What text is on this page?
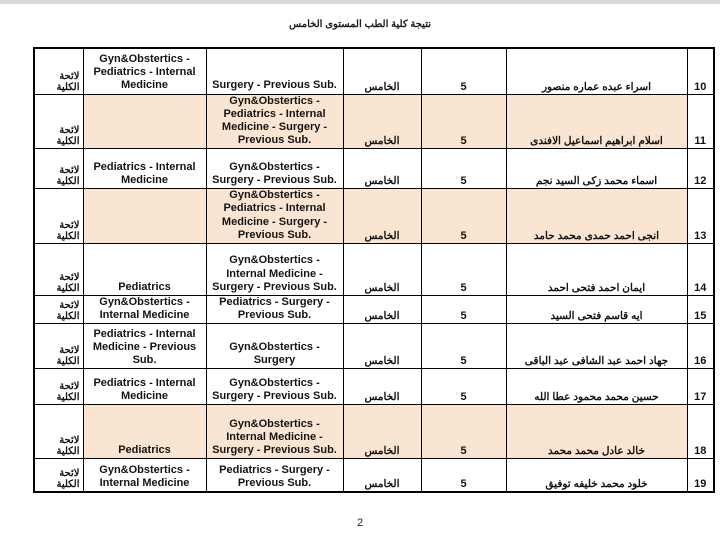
نتيجة كلية الطب المستوى الخامس
لائحة الكلية	Gyn&Obstertics - Pediatrics - Internal Medicine	Surgery - Previous Sub.	الخامس	5	اسراء عبده عماره منصور	10
لائحة الكلية		Gyn&Obstertics - Pediatrics - Internal Medicine - Surgery - Previous Sub.	الخامس	5	اسلام ابراهيم اسماعيل الافندى	11
لائحة الكلية	Pediatrics - Internal Medicine	Gyn&Obstertics - Surgery - Previous Sub.	الخامس	5	اسماء محمد زكى السيد نجم	12
لائحة الكلية		Gyn&Obstertics - Pediatrics - Internal Medicine - Surgery - Previous Sub.	الخامس	5	انجى احمد حمدى محمد حامد	13
لائحة الكلية	Pediatrics	Gyn&Obstertics - Internal Medicine - Surgery - Previous Sub.	الخامس	5	ايمان احمد فتحى احمد	14
لائحة الكلية	Gyn&Obstertics - Internal Medicine	Pediatrics - Surgery - Previous Sub.	الخامس	5	ايه قاسم فتحى السيد	15
لائحة الكلية	Pediatrics - Internal Medicine - Previous Sub.	Gyn&Obstertics - Surgery	الخامس	5	جهاد احمد عبد الشافى عبد الباقى	16
لائحة الكلية	Pediatrics - Internal Medicine	Gyn&Obstertics - Surgery - Previous Sub.	الخامس	5	حسين محمد محمود عطا الله	17
لائحة الكلية	Pediatrics	Gyn&Obstertics - Internal Medicine - Surgery - Previous Sub.	الخامس	5	خالد عادل محمد محمد	18
لائحة الكلية	Gyn&Obstertics - Internal Medicine	Pediatrics - Surgery - Previous Sub.	الخامس	5	خلود محمد خليفه توفيق	19
2
